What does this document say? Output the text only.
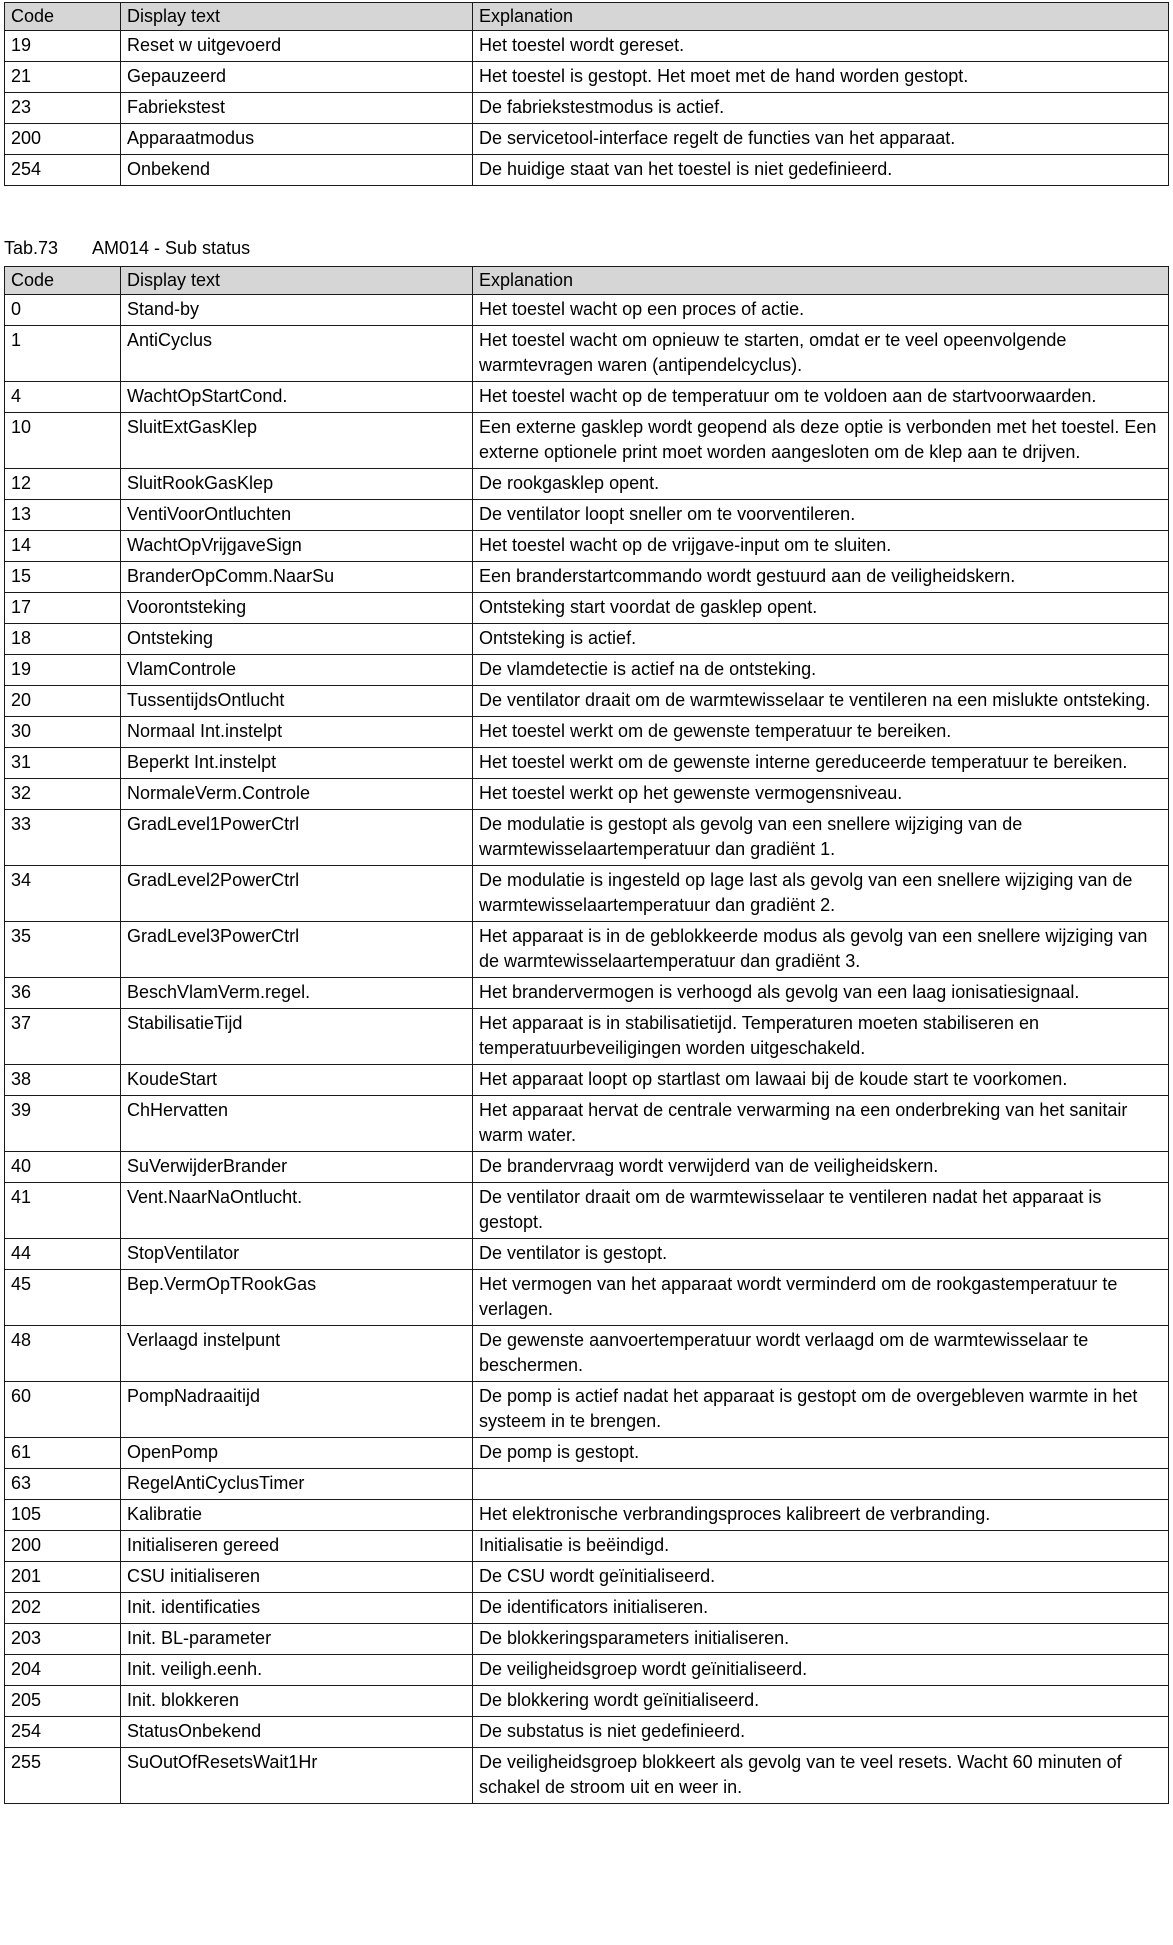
Code	Display text	Explanation
19	Reset w uitgevoerd	Het toestel wordt gereset.
21	Gepauzeerd	Het toestel is gestopt. Het moet met de hand worden gestopt.
23	Fabriekstest	De fabriekstestmodus is actief.
200	Apparaatmodus	De servicetool-interface regelt de functies van het apparaat.
254	Onbekend	De huidige staat van het toestel is niet gedefinieerd.
Tab.73 AM014 - Sub status
Code	Display text	Explanation
0	Stand-by	Het toestel wacht op een proces of actie.
1	AntiCyclus	Het toestel wacht om opnieuw te starten, omdat er te veel opeenvolgende warmtevragen waren (antipendelcyclus).
4	WachtOpStartCond.	Het toestel wacht op de temperatuur om te voldoen aan de startvoorwaarden.
10	SluitExtGasKlep	Een externe gasklep wordt geopend als deze optie is verbonden met het toestel. Een externe optionele print moet worden aangesloten om de klep aan te drijven.
12	SluitRookGasKlep	De rookgasklep opent.
13	VentiVoorOntluchten	De ventilator loopt sneller om te voorventileren.
14	WachtOpVrijgaveSign	Het toestel wacht op de vrijgave-input om te sluiten.
15	BranderOpComm.NaarSu	Een branderstartcommando wordt gestuurd aan de veiligheidskern.
17	Voorontsteking	Ontsteking start voordat de gasklep opent.
18	Ontsteking	Ontsteking is actief.
19	VlamControle	De vlamdetectie is actief na de ontsteking.
20	TussentijdsOntlucht	De ventilator draait om de warmtewisselaar te ventileren na een mislukte ontsteking.
30	Normaal Int.instelpt	Het toestel werkt om de gewenste temperatuur te bereiken.
31	Beperkt Int.instelpt	Het toestel werkt om de gewenste interne gereduceerde temperatuur te bereiken.
32	NormaleVerm.Controle	Het toestel werkt op het gewenste vermogensniveau.
33	GradLevel1PowerCtrl	De modulatie is gestopt als gevolg van een snellere wijziging van de warmtewisselaartemperatuur dan gradiënt 1.
34	GradLevel2PowerCtrl	De modulatie is ingesteld op lage last als gevolg van een snellere wijziging van de warmtewisselaartemperatuur dan gradiënt 2.
35	GradLevel3PowerCtrl	Het apparaat is in de geblokkeerde modus als gevolg van een snellere wijziging van de warmtewisselaartemperatuur dan gradiënt 3.
36	BeschVlamVerm.regel.	Het brandervermogen is verhoogd als gevolg van een laag ionisatiesignaal.
37	StabilisatieTijd	Het apparaat is in stabilisatietijd. Temperaturen moeten stabiliseren en temperatuurbeveiligingen worden uitgeschakeld.
38	KoudeStart	Het apparaat loopt op startlast om lawaai bij de koude start te voorkomen.
39	ChHervatten	Het apparaat hervat de centrale verwarming na een onderbreking van het sanitair warm water.
40	SuVerwijderBrander	De brandervraag wordt verwijderd van de veiligheidskern.
41	Vent.NaarNaOntlucht.	De ventilator draait om de warmtewisselaar te ventileren nadat het apparaat is gestopt.
44	StopVentilator	De ventilator is gestopt.
45	Bep.VermOpTRookGas	Het vermogen van het apparaat wordt verminderd om de rookgastemperatuur te verlagen.
48	Verlaagd instelpunt	De gewenste aanvoertemperatuur wordt verlaagd om de warmtewisselaar te beschermen.
60	PompNadraaitijd	De pomp is actief nadat het apparaat is gestopt om de overgebleven warmte in het systeem in te brengen.
61	OpenPomp	De pomp is gestopt.
63	RegelAntiCyclusTimer	
105	Kalibratie	Het elektronische verbrandingsproces kalibreert de verbranding.
200	Initialiseren gereed	Initialisatie is beëindigd.
201	CSU initialiseren	De CSU wordt geïnitialiseerd.
202	Init. identificaties	De identificators initialiseren.
203	Init. BL-parameter	De blokkeringsparameters initialiseren.
204	Init. veiligh.eenh.	De veiligheidsgroep wordt geïnitialiseerd.
205	Init. blokkeren	De blokkering wordt geïnitialiseerd.
254	StatusOnbekend	De substatus is niet gedefinieerd.
255	SuOutOfResetsWait1Hr	De veiligheidsgroep blokkeert als gevolg van te veel resets. Wacht 60 minuten of schakel de stroom uit en weer in.
